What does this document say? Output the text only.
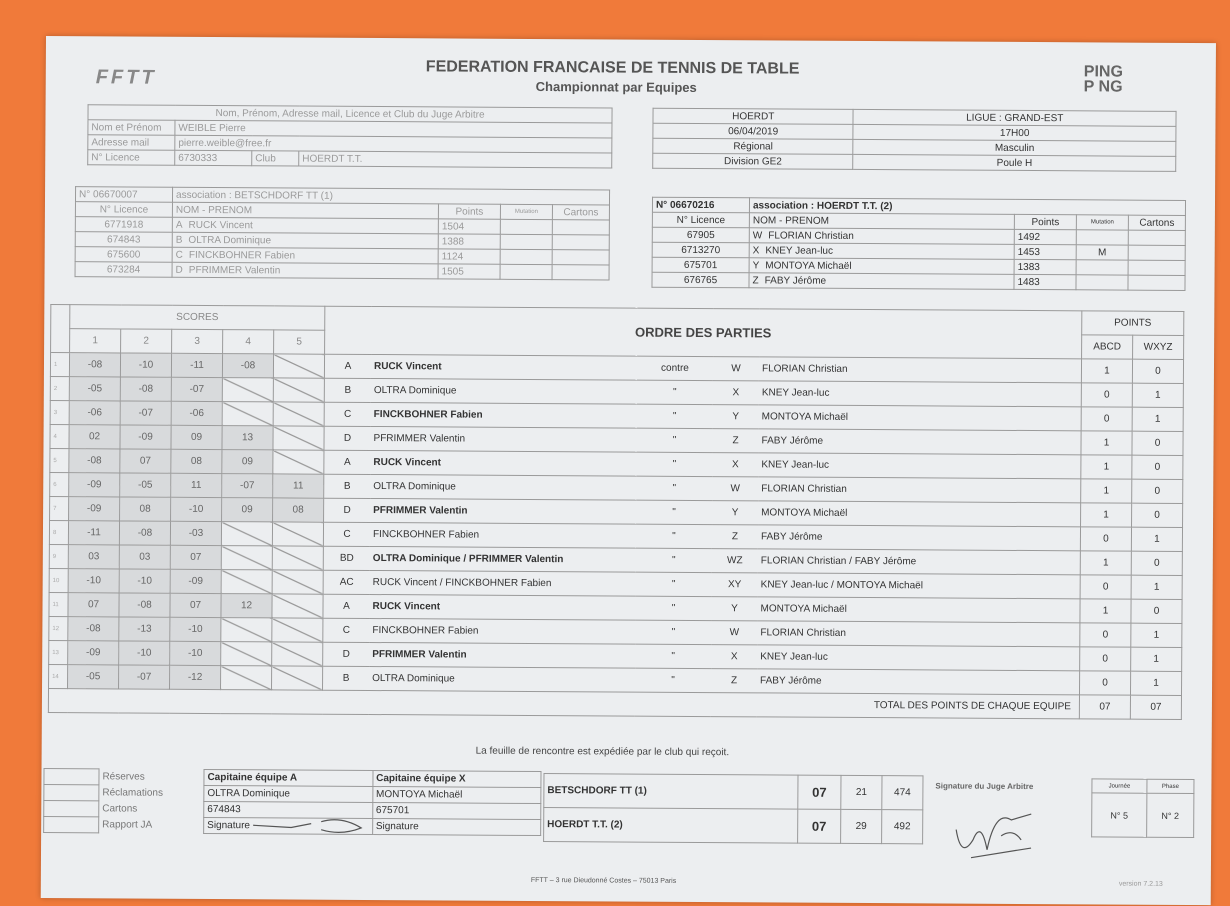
FFTT	FEDERATION FRANCAISE DE TENNIS DE TABLE
Championnat par Equipes
PING
P NG
Nom, Prénom, Adresse mail, Licence et Club du Juge Arbitre			
Nom et Prénom	WEIBLE Pierre		
Adresse mail	pierre.weible@free.fr		
N° Licence	6730333	Club	HOERDT T.T.
HOERDT	LIGUE : GRAND-EST
06/04/2019	17H00
Régional	Masculin
Division GE2	Poule H
N° 06670007	association : BETSCHDORF TT (1)			
N° Licence	NOM - PRENOM	Points	Mutation	Cartons
6771918	A RUCK Vincent	1504		
674843	B OLTRA Dominique	1388		
675600	C FINCKBOHNER Fabien	1124		
673284	D PFRIMMER Valentin	1505		
N° 06670216	association : HOERDT T.T. (2)			
N° Licence	NOM - PRENOM	Points	Mutation	Cartons
67905	W FLORIAN Christian	1492		
6713270	X KNEY Jean-luc	1453	M	
675701	Y MONTOYA Michaël	1383		
676765	Z FABY Jérôme	1483		
	SCORES					ORDRE DES PARTIES					POINTS	
	1	2	3	4	5						ABCD	WXYZ
1	-08	-10	-11	-08		A	RUCK Vincent	contre	W	FLORIAN Christian	1	0
2	-05	-08	-07			B	OLTRA Dominique	"	X	KNEY Jean-luc	0	1
3	-06	-07	-06			C	FINCKBOHNER Fabien	"	Y	MONTOYA Michaël	0	1
4	02	-09	09	13		D	PFRIMMER Valentin	"	Z	FABY Jérôme	1	0
5	-08	07	08	09		A	RUCK Vincent	"	X	KNEY Jean-luc	1	0
6	-09	-05	11	-07	11	B	OLTRA Dominique	"	W	FLORIAN Christian	1	0
7	-09	08	-10	09	08	D	PFRIMMER Valentin	"	Y	MONTOYA Michaël	1	0
8	-11	-08	-03			C	FINCKBOHNER Fabien	"	Z	FABY Jérôme	0	1
9	03	03	07			BD	OLTRA Dominique / PFRIMMER Valentin	"	WZ	FLORIAN Christian / FABY Jérôme	1	0
10	-10	-10	-09			AC	RUCK Vincent / FINCKBOHNER Fabien	"	XY	KNEY Jean-luc / MONTOYA Michaël	0	1
11	07	-08	07	12		A	RUCK Vincent	"	Y	MONTOYA Michaël	1	0
12	-08	-13	-10			C	FINCKBOHNER Fabien	"	W	FLORIAN Christian	0	1
13	-09	-10	-10			D	PFRIMMER Valentin	"	X	KNEY Jean-luc	0	1
14	-05	-07	-12			B	OLTRA Dominique	"	Z	FABY Jérôme	0	1
TOTAL DES POINTS DE CHAQUE EQUIPE											07	07
La feuille de rencontre est expédiée par le club qui reçoit.
	Réserves
	Réclamations
	Cartons
	Rapport JA
Capitaine équipe A	Capitaine équipe X
OLTRA Dominique	MONTOYA Michaël
674843	675701
Signature	Signature
BETSCHDORF TT (1)	07	21	474
HOERDT T.T. (2)	07	29	492
Signature du Juge Arbitre	Journée	Phase
N° 5	N° 2
FFTT – 3 rue Dieudonné Costes – 75013 Paris	version 7.2.13
